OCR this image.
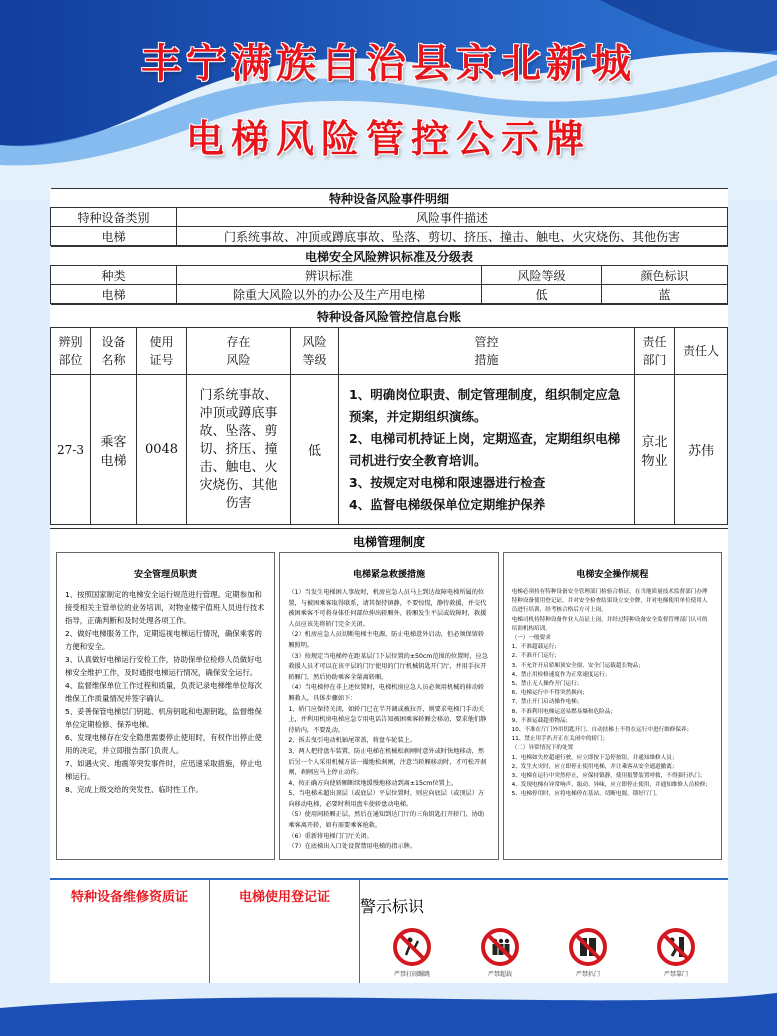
丰宁满族自治县京北新城
电梯风险管控公示牌
特种设备风险事件明细	
特种设备类别	风险事件描述
电梯	门系统事故、冲顶或蹲底事故、坠落、剪切、挤压、撞击、触电、火灾烧伤、其他伤害
电梯安全风险辨识标准及分级表			
种类	辨识标准	风险等级	颜色标识
电梯	除重大风险以外的办公及生产用电梯	低	蓝
特种设备风险管控信息台账							

辨别部位	设备名称	使用证号	存在风险	风险等级	管控措施	责任部门	责任人
27-3	乘客电梯	0048	门系统事故、冲顶或蹲底事故、坠落、剪切、挤压、撞击、触电、火灾烧伤、其他伤害	低	1、明确岗位职责、制定管理制度，组织制定应急预案，并定期组织演练。
2、电梯司机持证上岗，定期巡查，定期组织电梯司机进行安全教育培训。
3、按规定对电梯和限速器进行检查
4、监督电梯级保单位定期维护保养	京北物业	苏伟
电梯管理制度
安全管理员职责

1、按照国家制定的电梯安全运行规范进行管理。定期参加和接受相关主管单位的业务培训，对物业楼宇值班人员进行技术指导，正确判断和及时处理各项工作。

2、做好电梯服务工作，定期巡视电梯运行情况，确保乘客的方便和安全。

3、认真做好电梯运行安检工作，协助保单位检修人员做好电梯安全维护工作，及时通报电梯运行情况，确保安全运行。

4、监督维保单位工作过程和质量，负责记录电梯维单位每次维保工作质量情况并签字确认。

5、妥善保管电梯层门钥匙、机房钥匙和电源钥匙，监督维保单位定期检修、保养电梯。

6、发现电梯存在安全隐患需要停止使用时，有权作出停止使用的决定，并立即报告部门负责人。

7、如遇火灾、地震等突发事件时，应迅速采取措施，停止电梯运行。

8、完成上级交给的突发性、临时性工作。

电梯紧急救援措施

（1）当发生电梯困人事故时，机房应急人员马上到达故障电梯所属的位置，与被困乘客取得联系，请其保持镇静，不要惊慌，静待救援，并交代被困乘客不可将身体任何部位伸出轿厢外，轿厢发生平层或故障时，救援人员应该先将轿门完全关闭。

（2）机房应急人员切断电梯主电源，防止电梯意外启动，但必须保留轿厢照明。

（3）按规定当电梯停在距某层门下层位置的±50cm范围的位置时，应急救援人员才可以在该平层的门厅使用的门厅机械钥匙开门厅，并用手拉开轿厢门，然后协助乘客全量离轿厢。

（4）当电梯停在非上述位置时，电梯机房应急人员必须用机械的移动轿厢救人，具体步骤如下：

1、轿门应保持关闭，如轿门已在半开调或被拉开，则要求电梯门手动关上，并利用机房电梯应急专用电话告知被困乘客轿厢会移动，要求他们静待轿内，不要乱动。

2、拆去曳引电动机轴尾罩盖，将盘车轮装上。

3、两人把持盘车装置，防止电梯在机械松刹闸时意外或时快地移动，然后另一个人采用机械方法一撮地松刹闸，注意当轿厢移动时，才可松开刹闸，刹闸应马上停止动作。

4、按正确方向使轿厢断续地缓慢地移动到离±15cm位置上。

5、当电梯未超出顶层（或底层）平层位置时，则应向底层（或顶层）方向移动电梯，必要时利用盘车使轿盘动电梯。

（5）使用间轿厢正层，然后在通知到达门厅的三角钥匙打开轿门，协助乘客离开轿，如有需要乘客抢救。

（6）重新将电梯门门厅关闭。

（7）在底梯出入口处设置禁用电梯的指示牌。

电梯安全操作规程

电梯必须持有特种设备安全管理部门检验合格证，在当地质量技术监督部门办理特种设备使用登记证，并对安全检查结果设立安全牌，并对电梯使用单位使用人员进行培训，经考核合格后方可上岗。

电梯司机持特种设备作业人员证上岗，并经过特种设备安全监督管理部门认可的培训机构培训。

（一）一般要求

1、不准超载运行；

2、不准开门运行；

3、不允许开启轿厢顶安全窗、安全门运载超长物品；

4、禁止用检修速度作为正常速度运行；

5、禁止无人操作开门运行；

6、电梯运行中不得突然换向；

7、禁止开门启动操作电梯；

8、不准利用电梯运送易燃易爆和危险品；

9、不准运载超重物品；

10、不准在厅门外用钥匙开门、自动扶梯上不得在运行中进行维修保养；

11、禁止用手扒开正在关闭中的轿门；

（二）异常情况下的处置

1、电梯如失控超速行驶，应立即按下急停按钮，并通知维修人员；

2、发生火灾时，应立即停止使用电梯，并让乘客从安全通道撤离；

3、电梯在运行中突然停止，应保持镇静，使用报警装置呼救，不得强行扒门；

4、发现电梯有异常响声、振动、异味，应立即停止使用，并通知维修人员检修；

5、电梯停用时，应将电梯停在基站，切断电源，锁好厅门。

特种设备维修资质证	电梯使用登记证	警示标识
严禁打闹蹦跳	严禁超载	严禁扒门	严禁靠门
